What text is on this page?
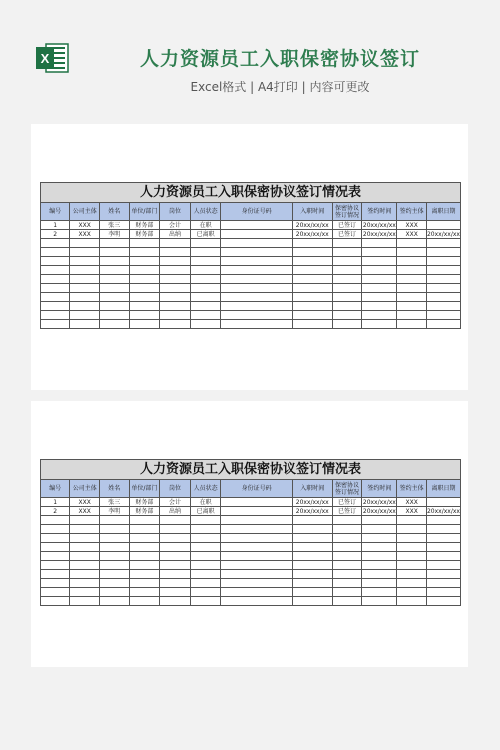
X	人力资源员工入职保密协议签订
Excel格式 | A4打印 | 内容可更改
人力资源员工入职保密协议签订情况表
编号	公司主体	姓名	单位/部门	岗位	人员状态	身份证号码	入职时间	保密协议签订情况	签约时间	签约主体	离职日期
1	XXX	张三	财务部	会计	在职		20xx/xx/xx	已签订	20xx/xx/xx	XXX	
2	XXX	李明	财务部	出纳	已离职		20xx/xx/xx	已签订	20xx/xx/xx	XXX	20xx/xx/xx

人力资源员工入职保密协议签订情况表
编号	公司主体	姓名	单位/部门	岗位	人员状态	身份证号码	入职时间	保密协议签订情况	签约时间	签约主体	离职日期
1	XXX	张三	财务部	会计	在职		20xx/xx/xx	已签订	20xx/xx/xx	XXX	
2	XXX	李明	财务部	出纳	已离职		20xx/xx/xx	已签订	20xx/xx/xx	XXX	20xx/xx/xx
